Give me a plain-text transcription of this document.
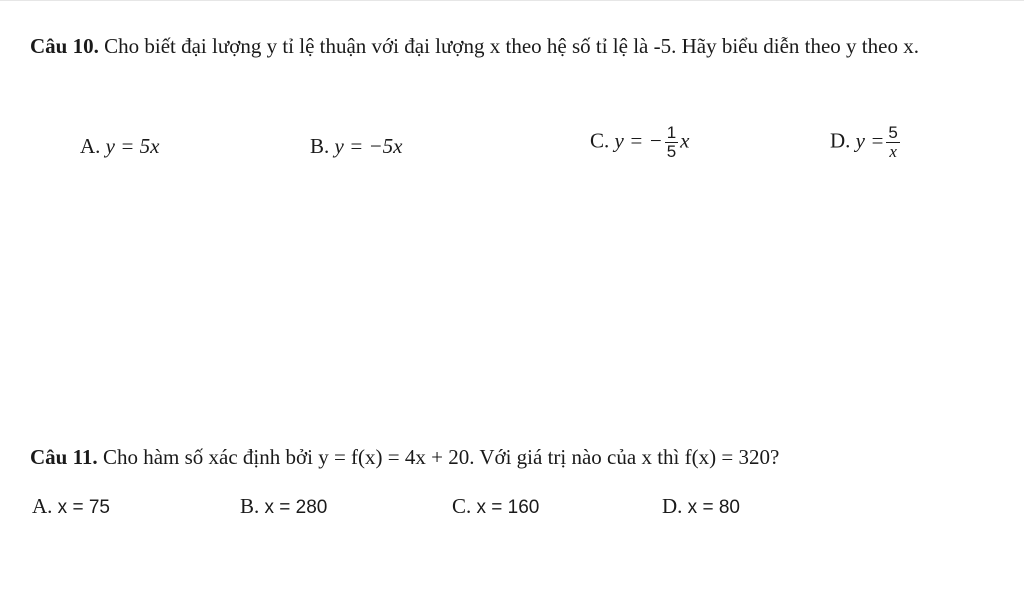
Câu 10. Cho biết đại lượng y tỉ lệ thuận với đại lượng x theo hệ số tỉ lệ là -5. Hãy biểu diễn theo y theo x.
A. y = 5x	B. y = −5x	C. y = − $\frac{1}{5}$ x	D. $y = \frac{5}{x}$
Câu 11. Cho hàm số xác định bởi y = f(x) = 4x + 20. Với giá trị nào của x thì f(x) = 320?
A. x = 75	B. x = 280	C. x = 160	D. x = 80
